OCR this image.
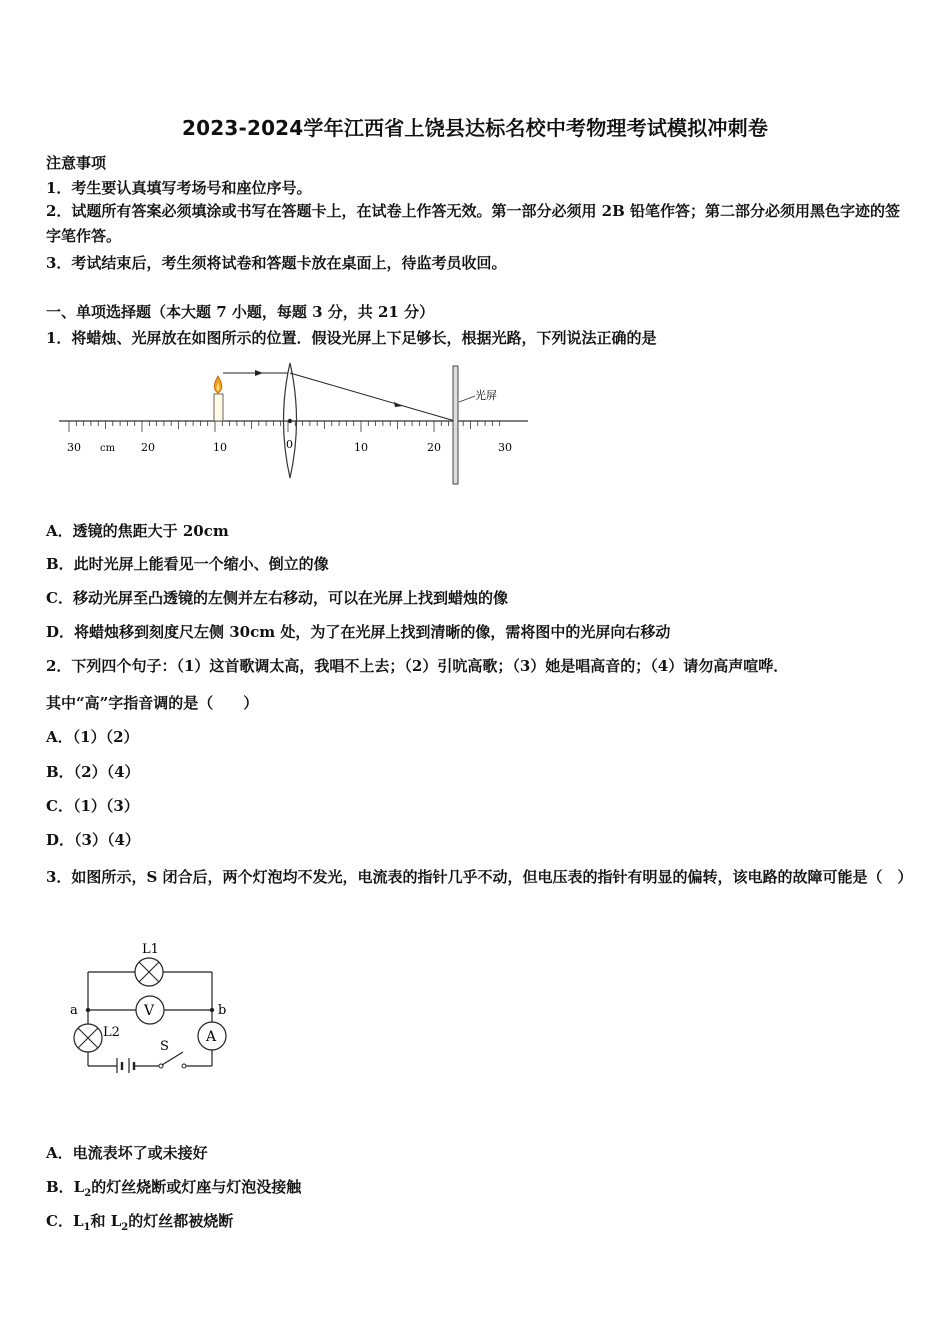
2023-2024学年江西省上饶县达标名校中考物理考试模拟冲刺卷
注意事项
1．考生要认真填写考场号和座位序号。
2．试题所有答案必须填涂或书写在答题卡上，在试卷上作答无效。第一部分必须用 2B 铅笔作答；第二部分必须用黑色字迹的签字笔作答。
3．考试结束后，考生须将试卷和答题卡放在桌面上，待监考员收回。
一、单项选择题（本大题 7 小题，每题 3 分，共 21 分）
1．将蜡烛、光屏放在如图所示的位置．假设光屏上下足够长，根据光路，下列说法正确的是
30 cm 20	10	0	10	20	30
光屏
A．透镜的焦距大于 20cm
B．此时光屏上能看见一个缩小、倒立的像
C．移动光屏至凸透镜的左侧并左右移动，可以在光屏上找到蜡烛的像
D．将蜡烛移到刻度尺左侧 30cm 处，为了在光屏上找到清晰的像，需将图中的光屏向右移动
2．下列四个句子：（1）这首歌调太高，我唱不上去；（2）引吭高歌；（3）她是唱高音的；（4）请勿高声喧哗．
其中“高”字指音调的是（　　）
A．（1）（2）
B．（2）（4）
C．（1）（3）
D．（3）（4）
3．如图所示，S 闭合后，两个灯泡均不发光，电流表的指针几乎不动，但电压表的指针有明显的偏转，该电路的故障可能是（　）
L1
V
L2	A
S
a	b
A．电流表坏了或未接好
B．$L_2$的灯丝烧断或灯座与灯泡没接触
C．$L_1$和 $L_2$的灯丝都被烧断
